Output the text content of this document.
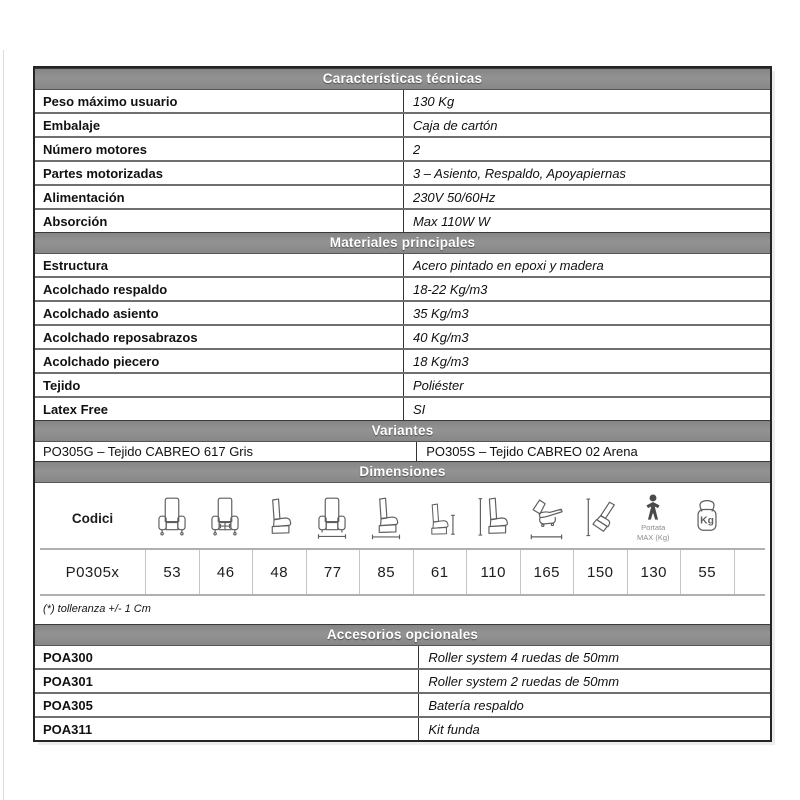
Características técnicas
Peso máximo usuario	130 Kg
Embalaje	Caja de cartón
Número motores	2
Partes motorizadas	3 – Asiento, Respaldo, Apoyapiernas
Alimentación	230V 50/60Hz
Absorción	Max 110W W
Materiales principales
Estructura	Acero pintado en epoxi y madera
Acolchado respaldo	18-22 Kg/m3
Acolchado asiento	35 Kg/m3
Acolchado reposabrazos	40 Kg/m3
Acolchado piecero	18 Kg/m3
Tejido	Poliéster
Latex Free	SI
Variantes
PO305G – Tejido CABREO 617 Gris	PO305S – Tejido CABREO 02 Arena
Dimensiones
Codici
Portata
MAX (Kg)
Kg
P0305x	53	46	48	77	85	61	110	165	150	130	55
(*) tolleranza +/- 1 Cm
Accesorios opcionales
POA300	Roller system 4 ruedas de 50mm
POA301	Roller system 2 ruedas de 50mm
POA305	Batería respaldo
POA311	Kit funda
